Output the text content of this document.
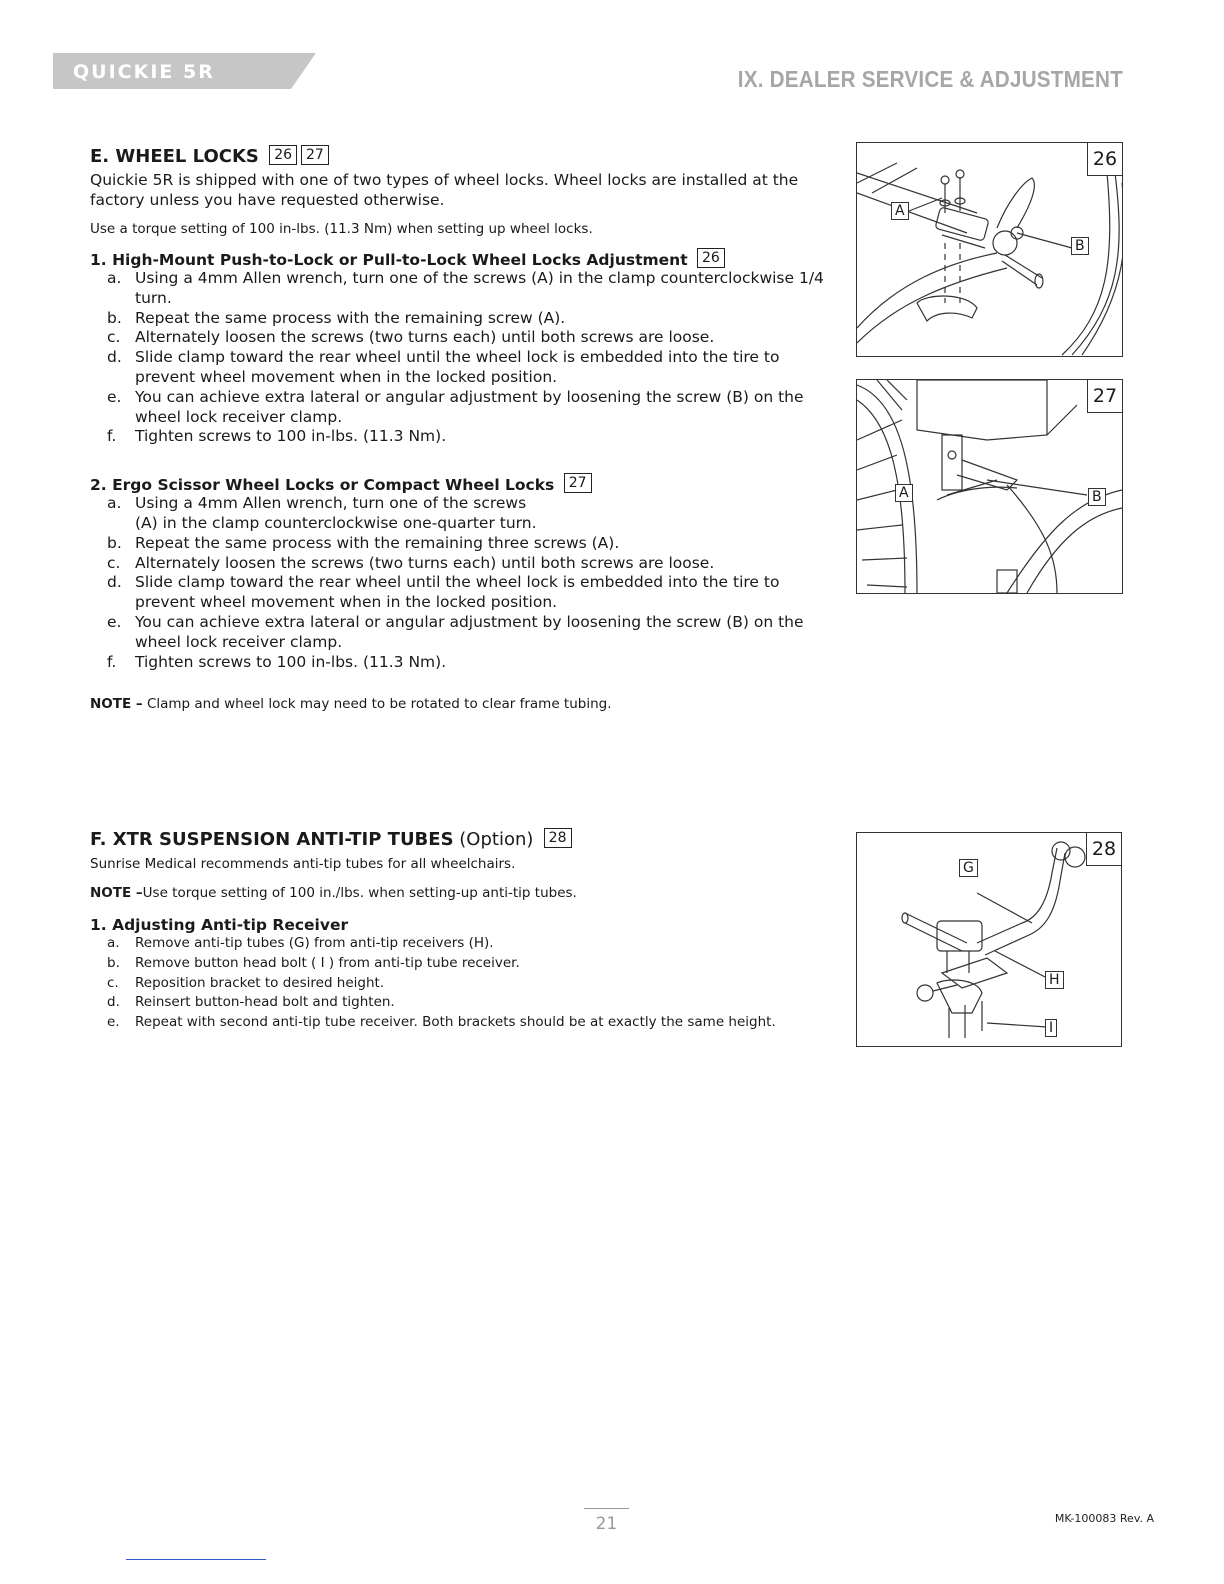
QUICKIE 5R	IX. DEALER SERVICE & ADJUSTMENT
E. WHEEL LOCKS 26 27

Quickie 5R is shipped with one of two types of wheel locks. Wheel locks are installed at the factory unless you have requested otherwise.

Use a torque setting of 100 in-lbs. (11.3 Nm) when setting up wheel locks.

1. High-Mount Push-to-Lock or Pull-to-Lock Wheel Locks Adjustment 26
a. Using a 4mm Allen wrench, turn one of the screws (A) in the clamp counterclockwise 1/4 turn.
b. Repeat the same process with the remaining screw (A).
c. Alternately loosen the screws (two turns each) until both screws are loose.
d. Slide clamp toward the rear wheel until the wheel lock is embedded into the tire to prevent wheel movement when in the locked position.
e. You can achieve extra lateral or angular adjustment by loosening the screw (B) on the wheel lock receiver clamp.
f. Tighten screws to 100 in-lbs. (11.3 Nm).
2. Ergo Scissor Wheel Locks or Compact Wheel Locks 27
a. Using a 4mm Allen wrench, turn one of the screws
(A) in the clamp counterclockwise one-quarter turn.
b. Repeat the same process with the remaining three screws (A).
c. Alternately loosen the screws (two turns each) until both screws are loose.
d. Slide clamp toward the rear wheel until the wheel lock is embedded into the tire to prevent wheel movement when in the locked position.
e. You can achieve extra lateral or angular adjustment by loosening the screw (B) on the wheel lock receiver clamp.
f. Tighten screws to 100 in-lbs. (11.3 Nm).

NOTE – Clamp and wheel lock may need to be rotated to clear frame tubing.

F. XTR SUSPENSION ANTI-TIP TUBES (Option) 28

Sunrise Medical recommends anti-tip tubes for all wheelchairs.

NOTE –Use torque setting of 100 in./lbs. when setting-up anti-tip tubes.

1. Adjusting Anti-tip Receiver
a. Remove anti-tip tubes (G) from anti-tip receivers (H).
b. Remove button head bolt ( I ) from anti-tip tube receiver.
c. Reposition bracket to desired height.
d. Reinsert button-head bolt and tighten.
e. Repeat with second anti-tip tube receiver. Both brackets should be at exactly the same height.
A
B
26
A	B
27
G
H
I
28
21	MK-100083 Rev. A
